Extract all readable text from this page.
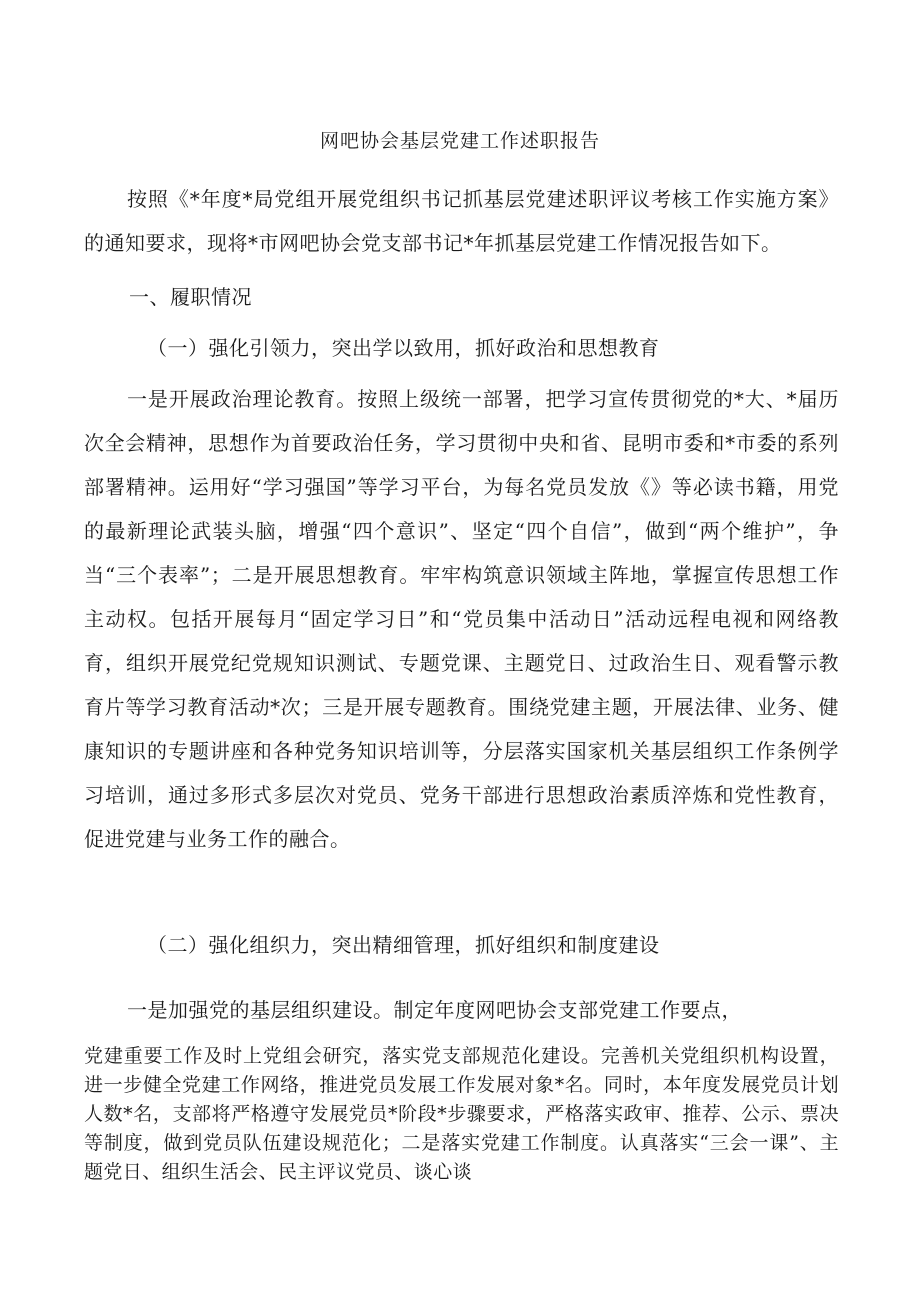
网吧协会基层党建工作述职报告

按照《*年度*局党组开展党组织书记抓基层党建述职评议考核工作实施方案》的通知要求，现将*市网吧协会党支部书记*年抓基层党建工作情况报告如下。

一、履职情况

（一）强化引领力，突出学以致用，抓好政治和思想教育

一是开展政治理论教育。按照上级统一部署，把学习宣传贯彻党的*大、*届历次全会精神，思想作为首要政治任务，学习贯彻中央和省、昆明市委和*市委的系列部署精神。运用好“学习强国”等学习平台，为每名党员发放《》等必读书籍，用党的最新理论武装头脑，增强“四个意识”、坚定“四个自信”，做到“两个维护”，争当“三个表率”；二是开展思想教育。牢牢构筑意识领域主阵地，掌握宣传思想工作主动权。包括开展每月“固定学习日”和“党员集中活动日”活动远程电视和网络教育，组织开展党纪党规知识测试、专题党课、主题党日、过政治生日、观看警示教育片等学习教育活动*次；三是开展专题教育。围绕党建主题，开展法律、业务、健康知识的专题讲座和各种党务知识培训等，分层落实国家机关基层组织工作条例学习培训，通过多形式多层次对党员、党务干部进行思想政治素质淬炼和党性教育，促进党建与业务工作的融合。

（二）强化组织力，突出精细管理，抓好组织和制度建设

一是加强党的基层组织建设。制定年度网吧协会支部党建工作要点，

党建重要工作及时上党组会研究，落实党支部规范化建设。完善机关党组织机构设置，进一步健全党建工作网络，推进党员发展工作发展对象*名。同时，本年度发展党员计划人数*名，支部将严格遵守发展党员*阶段*步骤要求，严格落实政审、推荐、公示、票决等制度，做到党员队伍建设规范化；二是落实党建工作制度。认真落实“三会一课”、主题党日、组织生活会、民主评议党员、谈心谈
